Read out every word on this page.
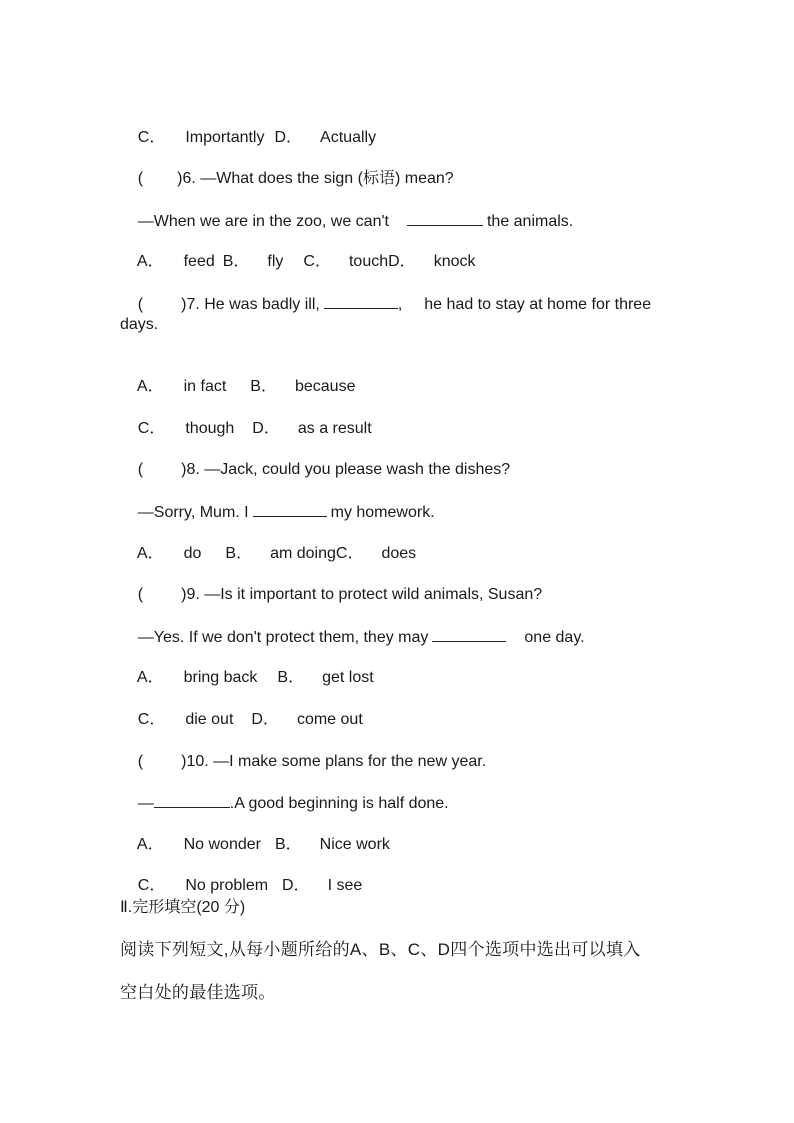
C． Importantly D． Actually

( )6. —What does the sign (标语) mean?

—When we are in the zoo, we can't	the animals.

A． feed B． fly C． touchD． knock

( )7. He was badly ill,	, he had to stay at home for three

days.

A． in fact B． because

C． though D． as a result

( )8. —Jack, could you please wash the dishes?

—Sorry, Mum. I	my homework.

A． do B． am doingC． does

( )9. —Is it important to protect wild animals, Susan?

—Yes. If we don't protect them, they may	one day.

A． bring back B． get lost

C． die out D． come out

( )10. —I make some plans for the new year.

—	.A good beginning is half done.

A． No wonder B． Nice work

C． No problem D． I see

Ⅱ.完形填空(20 分)
阅读下列短文,从每小题所给的A、B、C、D四个选项中选出可以填入
空白处的最佳选项。
